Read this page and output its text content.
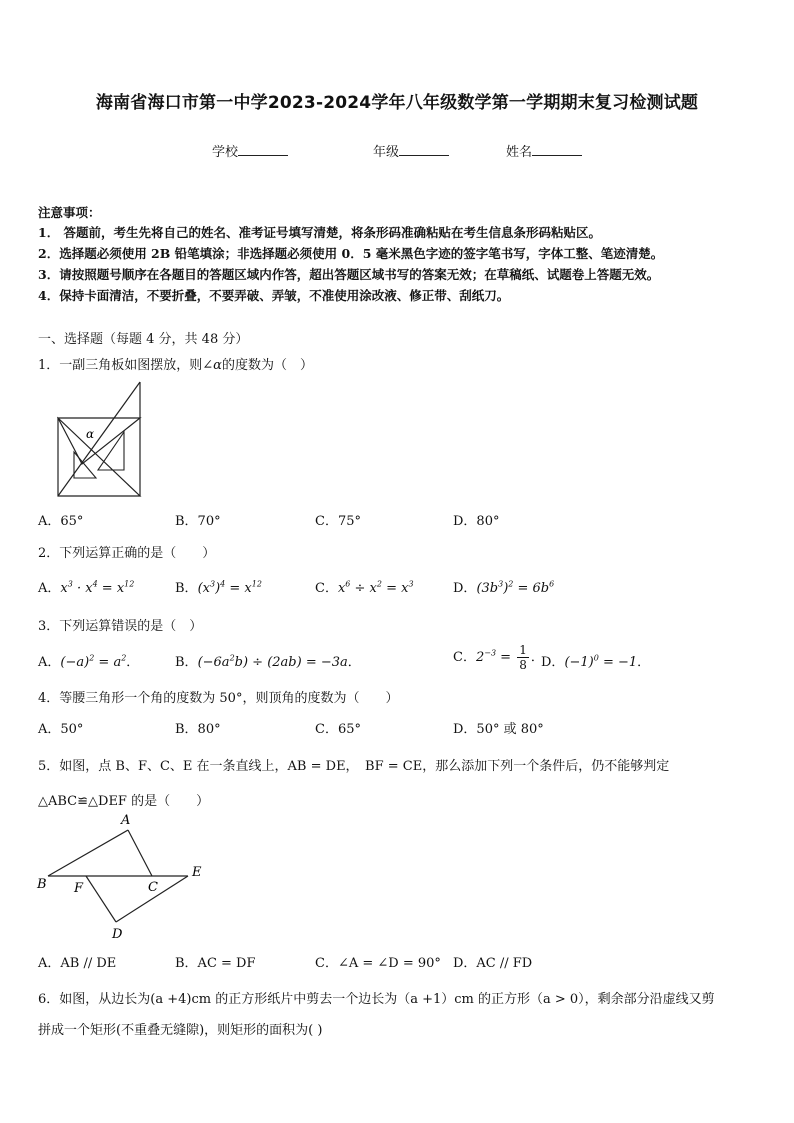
海南省海口市第一中学2023-2024学年八年级数学第一学期期末复习检测试题
学校	年级	姓名
注意事项：
1． 答题前，考生先将自己的姓名、准考证号填写清楚，将条形码准确粘贴在考生信息条形码粘贴区。
2．选择题必须使用 2B 铅笔填涂；非选择题必须使用 0．5 毫米黑色字迹的签字笔书写，字体工整、笔迹清楚。
3．请按照题号顺序在各题目的答题区域内作答，超出答题区域书写的答案无效；在草稿纸、试题卷上答题无效。
4．保持卡面清洁，不要折叠，不要弄破、弄皱，不准使用涂改液、修正带、刮纸刀。
一、选择题（每题 4 分，共 48 分）
1．一副三角板如图摆放，则∠α的度数为（　）
α
A．65°	B．70°	C．75°	D．80°
2．下列运算正确的是（　　）
A．$x^3 \cdot x^4 = x^{12}$	B．$(x^3)^4 = x^{12}$	C．$x^6 \div x^2 = x^3$	D．$(3b^3)^2 = 6b^6$
3．下列运算错误的是（　）
A．$(-a)^2 = a^2$．	B．$(-6a^2b) \div (2ab) = -3a$．	C．$2^{-3} = \frac{1}{8}$ ．
D．$(-1)^0 = -1$．
4．等腰三角形一个角的度数为 50°，则顶角的度数为（　　）
A．50°	B．80°	C．65°	D．50° 或 80°
5．如图，点 B、F、C、E 在一条直线上，AB = DE，　BF = CE，那么添加下列一个条件后，仍不能够判定
△ABC≌△DEF 的是（　　）
A
B F	C
E
D
A．AB // DE	B．AC = DF	C．∠A = ∠D = 90° D．AC // FD
6．如图，从边长为(a +4)cm 的正方形纸片中剪去一个边长为（a +1）cm 的正方形（a > 0），剩余部分沿虚线又剪
拼成一个矩形(不重叠无缝隙)，则矩形的面积为( )
